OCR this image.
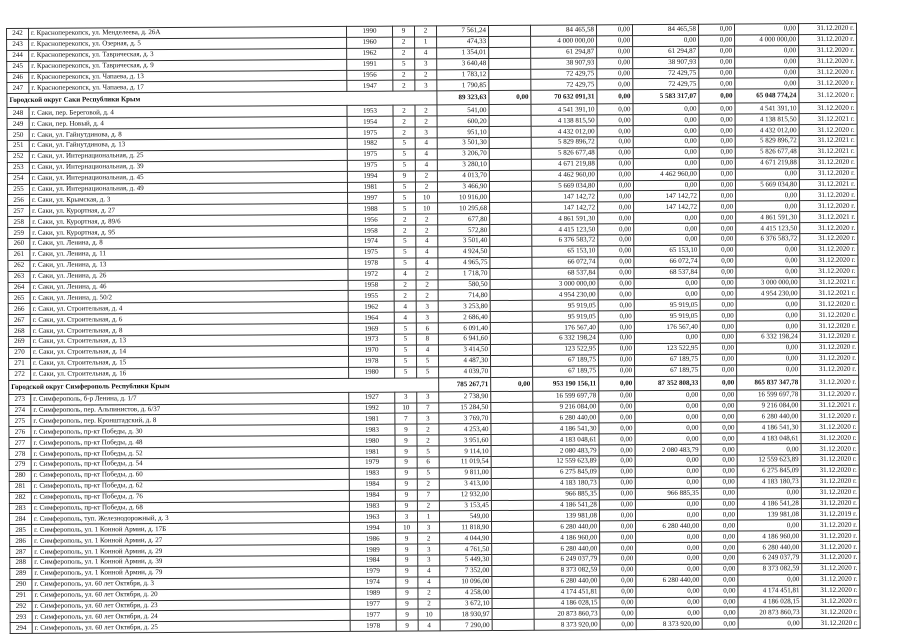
242	г. Красноперекопск, ул. Менделеева, д. 26А	1990	9	2	7 561,24		84 465,58	0,00	84 465,58	0,00	0,00	31.12.2020 г.
243	г. Красноперекопск, ул. Озерная, д. 5	1960	2	1	474,33		4 000 000,00	0,00	0,00	0,00	4 000 000,00	31.12.2020 г.
244	г. Красноперекопск, ул. Таврическая, д. 3	1962	2	4	1 354,01		61 294,87	0,00	61 294,87	0,00	0,00	31.12.2020 г.
245	г. Красноперекопск, ул. Таврическая, д. 9	1991	5	3	3 640,48		38 907,93	0,00	38 907,93	0,00	0,00	31.12.2020 г.
246	г. Красноперекопск, ул. Чапаева, д. 13	1956	2	2	1 783,12		72 429,75	0,00	72 429,75	0,00	0,00	31.12.2020 г.
247	г. Красноперекопск, ул. Чапаева, д. 17	1947	2	3	1 790,85		72 429,75	0,00	72 429,75	0,00	0,00	31.12.2020 г.
Городской округ Саки Республики Крым					89 323,63	0,00	70 632 091,31	0,00	5 583 317,07	0,00	65 048 774,24	31.12.2020 г.
248	г. Саки, пер. Береговой, д. 4	1953	2	2	541,00		4 541 391,10	0,00	0,00	0,00	4 541 391,10	31.12.2020 г.
249	г. Саки, пер. Новый, д. 4	1954	2	2	600,20		4 138 815,50	0,00	0,00	0,00	4 138 815,50	31.12.2021 г.
250	г. Саки, ул. Гайнутдинова, д. 8	1975	2	3	951,10		4 432 012,00	0,00	0,00	0,00	4 432 012,00	31.12.2020 г.
251	г. Саки, ул. Гайнутдинова, д. 13	1982	5	4	3 501,30		5 829 896,72	0,00	0,00	0,00	5 829 896,72	31.12.2021 г.
252	г. Саки, ул. Интернациональная, д. 25	1975	5	4	3 206,70		5 826 677,48	0,00	0,00	0,00	5 826 677,48	31.12.2021 г.
253	г. Саки, ул. Интернациональная, д. 39	1975	5	4	3 280,10		4 671 219,88	0,00	0,00	0,00	4 671 219,88	31.12.2020 г.
254	г. Саки, ул. Интернациональная, д. 45	1994	9	2	4 013,70		4 462 960,00	0,00	4 462 960,00	0,00	0,00	31.12.2020 г.
255	г. Саки, ул. Интернациональная, д. 49	1981	5	2	3 466,90		5 669 034,80	0,00	0,00	0,00	5 669 034,80	31.12.2021 г.
256	г. Саки, ул. Крымская, д. 3	1997	5	10	10 916,00		147 142,72	0,00	147 142,72	0,00	0,00	31.12.2020 г.
257	г. Саки, ул. Курортная, д. 27	1988	5	10	10 295,68		147 142,72	0,00	147 142,72	0,00	0,00	31.12.2020 г.
258	г. Саки, ул. Курортная, д. 89/6	1956	2	2	677,80		4 861 591,30	0,00	0,00	0,00	4 861 591,30	31.12.2021 г.
259	г. Саки, ул. Курортная, д. 95	1958	2	2	572,80		4 415 123,50	0,00	0,00	0,00	4 415 123,50	31.12.2020 г.
260	г. Саки, ул. Ленина, д. 8	1974	5	4	3 501,40		6 376 583,72	0,00	0,00	0,00	6 376 583,72	31.12.2020 г.
261	г. Саки, ул. Ленина, д. 11	1975	5	4	4 924,50		65 153,10	0,00	65 153,10	0,00	0,00	31.12.2020 г.
262	г. Саки, ул. Ленина, д. 13	1978	5	4	4 965,75		66 072,74	0,00	66 072,74	0,00	0,00	31.12.2020 г.
263	г. Саки, ул. Ленина, д. 26	1972	4	2	1 718,70		68 537,84	0,00	68 537,84	0,00	0,00	31.12.2020 г.
264	г. Саки, ул. Ленина, д. 46	1958	2	2	580,50		3 000 000,00	0,00	0,00	0,00	3 000 000,00	31.12.2021 г.
265	г. Саки, ул. Ленина, д. 50/2	1955	2	2	714,80		4 954 230,00	0,00	0,00	0,00	4 954 230,00	31.12.2021 г.
266	г. Саки, ул. Строительная, д. 4	1962	4	3	3 253,80		95 919,05	0,00	95 919,05	0,00	0,00	31.12.2020 г.
267	г. Саки, ул. Строительная, д. 6	1964	4	3	2 686,40		95 919,05	0,00	95 919,05	0,00	0,00	31.12.2020 г.
268	г. Саки, ул. Строительная, д. 8	1969	5	6	6 091,40		176 567,40	0,00	176 567,40	0,00	0,00	31.12.2020 г.
269	г. Саки, ул. Строительная, д. 13	1973	5	8	6 941,60		6 332 198,24	0,00	0,00	0,00	6 332 198,24	31.12.2020 г.
270	г. Саки, ул. Строительная, д. 14	1970	5	4	3 414,50		123 522,95	0,00	123 522,95	0,00	0,00	31.12.2020 г.
271	г. Саки, ул. Строительная, д. 15	1978	5	5	4 487,30		67 189,75	0,00	67 189,75	0,00	0,00	31.12.2020 г.
272	г. Саки, ул. Строительная, д. 16	1980	5	5	4 039,70		67 189,75	0,00	67 189,75	0,00	0,00	31.12.2020 г.
Городской округ Симферополь Республики Крым					785 267,71	0,00	953 190 156,11	0,00	87 352 808,33	0,00	865 837 347,78	31.12.2020 г.
273	г. Симферополь, б-р Ленина, д. 1/7	1927	3	3	2 738,90		16 599 697,78	0,00	0,00	0,00	16 599 697,78	31.12.2020 г.
274	г. Симферополь, пер. Альпинистов, д. 6/37	1992	10	7	15 284,50		9 216 084,00	0,00	0,00	0,00	9 216 084,00	31.12.2021 г.
275	г. Симферополь, пер. Кронштадский, д. 8	1981	7	3	3 769,70		6 280 440,00	0,00	0,00	0,00	6 280 440,00	31.12.2020 г.
276	г. Симферополь, пр-кт Победы, д. 30	1983	9	2	4 253,40		4 186 541,30	0,00	0,00	0,00	4 186 541,30	31.12.2020 г.
277	г. Симферополь, пр-кт Победы, д. 48	1980	9	2	3 951,60		4 183 048,61	0,00	0,00	0,00	4 183 048,61	31.12.2020 г.
278	г. Симферополь, пр-кт Победы, д. 52	1981	9	5	9 114,10		2 080 483,79	0,00	2 080 483,79	0,00	0,00	31.12.2020 г.
279	г. Симферополь, пр-кт Победы, д. 54	1979	9	6	11 019,54		12 559 623,89	0,00	0,00	0,00	12 559 623,89	31.12.2020 г.
280	г. Симферополь, пр-кт Победы, д. 60	1983	9	5	9 811,00		6 275 845,09	0,00	0,00	0,00	6 275 845,09	31.12.2020 г.
281	г. Симферополь, пр-кт Победы, д. 62	1984	9	2	3 413,00		4 183 180,73	0,00	0,00	0,00	4 183 180,73	31.12.2020 г.
282	г. Симферополь, пр-кт Победы, д. 76	1984	9	7	12 932,00		966 885,35	0,00	966 885,35	0,00	0,00	31.12.2020 г.
283	г. Симферополь, пр-кт Победы, д. 68	1983	9	2	3 153,45		4 186 541,28	0,00	0,00	0,00	4 186 541,28	31.12.2020 г.
284	г. Симферополь, туп. Железнодорожный, д. 3	1963	3	1	549,00		139 981,08	0,00	0,00	0,00	139 981,08	31.12.2019 г.
285	г. Симферополь, ул. 1 Конной Армии, д. 17Б	1994	10	3	11 818,90		6 280 440,00	0,00	6 280 440,00	0,00	0,00	31.12.2020 г.
286	г. Симферополь, ул. 1 Конной Армии, д. 27	1986	9	2	4 044,90		4 186 960,00	0,00	0,00	0,00	4 186 960,00	31.12.2020 г.
287	г. Симферополь, ул. 1 Конной Армии, д. 29	1989	9	3	4 761,50		6 280 440,00	0,00	0,00	0,00	6 280 440,00	31.12.2020 г.
288	г. Симферополь, ул. 1 Конной Армии, д. 39	1984	9	3	5 449,30		6 249 037,79	0,00	0,00	0,00	6 249 037,79	31.12.2020 г.
289	г. Симферополь, ул. 1 Конной Армии, д. 79	1979	9	4	7 352,00		8 373 082,59	0,00	0,00	0,00	8 373 082,59	31.12.2020 г.
290	г. Симферополь, ул. 60 лет Октября, д. 3	1974	9	4	10 096,00		6 280 440,00	0,00	6 280 440,00	0,00	0,00	31.12.2020 г.
291	г. Симферополь, ул. 60 лет Октября, д. 20	1989	9	2	4 258,00		4 174 451,81	0,00	0,00	0,00	4 174 451,81	31.12.2020 г.
292	г. Симферополь, ул. 60 лет Октября, д. 23	1977	9	2	3 672,10		4 186 028,15	0,00	0,00	0,00	4 186 028,15	31.12.2020 г.
293	г. Симферополь, ул. 60 лет Октября, д. 24	1977	9	10	18 930,97		20 873 860,73	0,00	0,00	0,00	20 873 860,73	31.12.2020 г.
294	г. Симферополь, ул. 60 лет Октября, д. 25	1978	9	4	7 290,00		8 373 920,00	0,00	8 373 920,00	0,00	0,00	31.12.2020 г.
